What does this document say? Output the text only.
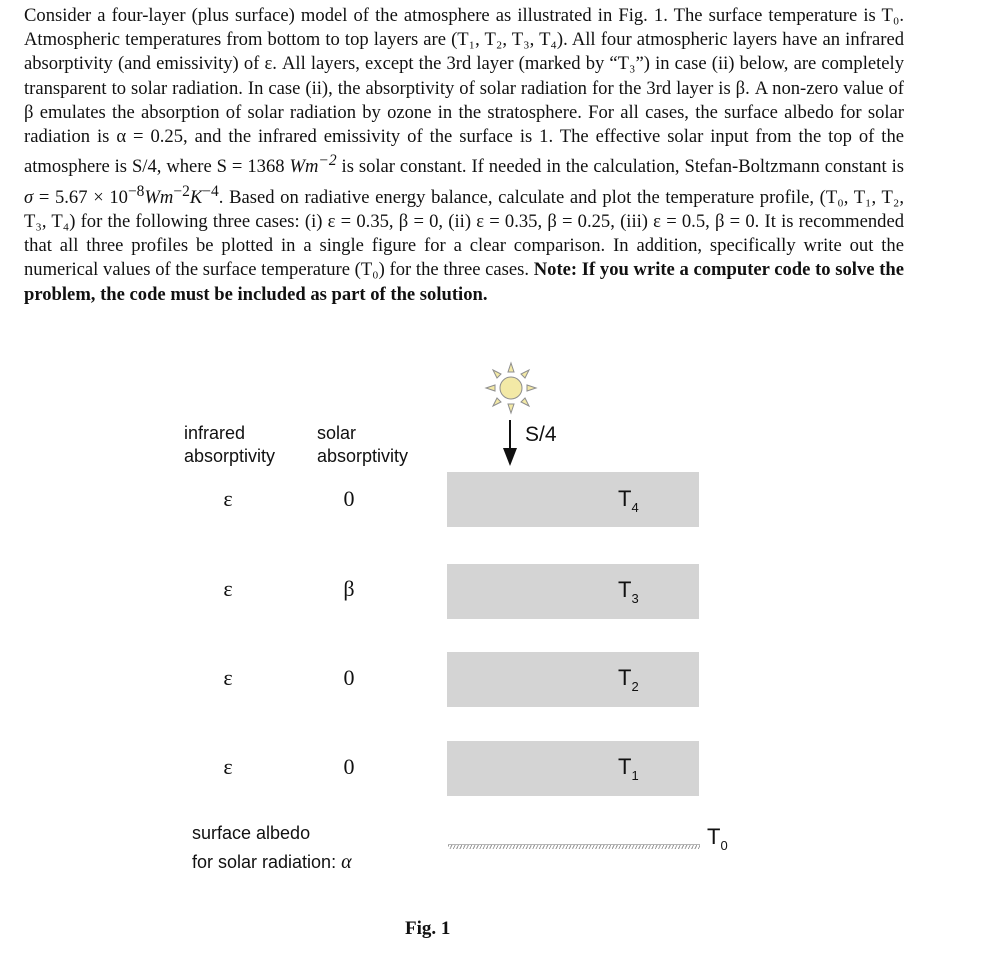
Consider a four-layer (plus surface) model of the atmosphere as illustrated in Fig. 1. The surface temperature is T₀. Atmospheric temperatures from bottom to top layers are (T₁, T₂, T₃, T₄). All four atmospheric layers have an infrared absorptivity (and emissivity) of ε. All layers, except the 3rd layer (marked by “T₃”) in case (ii) below, are completely transparent to solar radiation. In case (ii), the absorptivity of solar radiation for the 3rd layer is β. A non-zero value of β emulates the absorption of solar radiation by ozone in the stratosphere. For all cases, the surface albedo for solar radiation is α = 0.25, and the infrared emissivity of the surface is 1. The effective solar input from the top of the atmosphere is S/4, where S = 1368 $Wm^{-2}$ is solar constant. If needed in the calculation, Stefan-Boltzmann constant is $\sigma = 5.67 \times 10^{-8}Wm^{-2}K^{-4}$. Based on radiative energy balance, calculate and plot the temperature profile, (T₀, T₁, T₂, T₃, T₄) for the following three cases: (i) ε = 0.35, β = 0, (ii) ε = 0.35, β = 0.25, (iii) ε = 0.5, β = 0. It is recommended that all three profiles be plotted in a single figure for a clear comparison. In addition, specifically write out the numerical values of the surface temperature (T₀) for the three cases. Note: If you write a computer code to solve the problem, the code must be included as part of the solution.
infrared
absorptivity
solar
absorptivity
S/4
ε	0	$T_4$
ε	β	$T_3$
ε	0	$T_2$
ε	0	$T_1$
surface albedo
for solar radiation: α
$T_0$
Fig. 1
